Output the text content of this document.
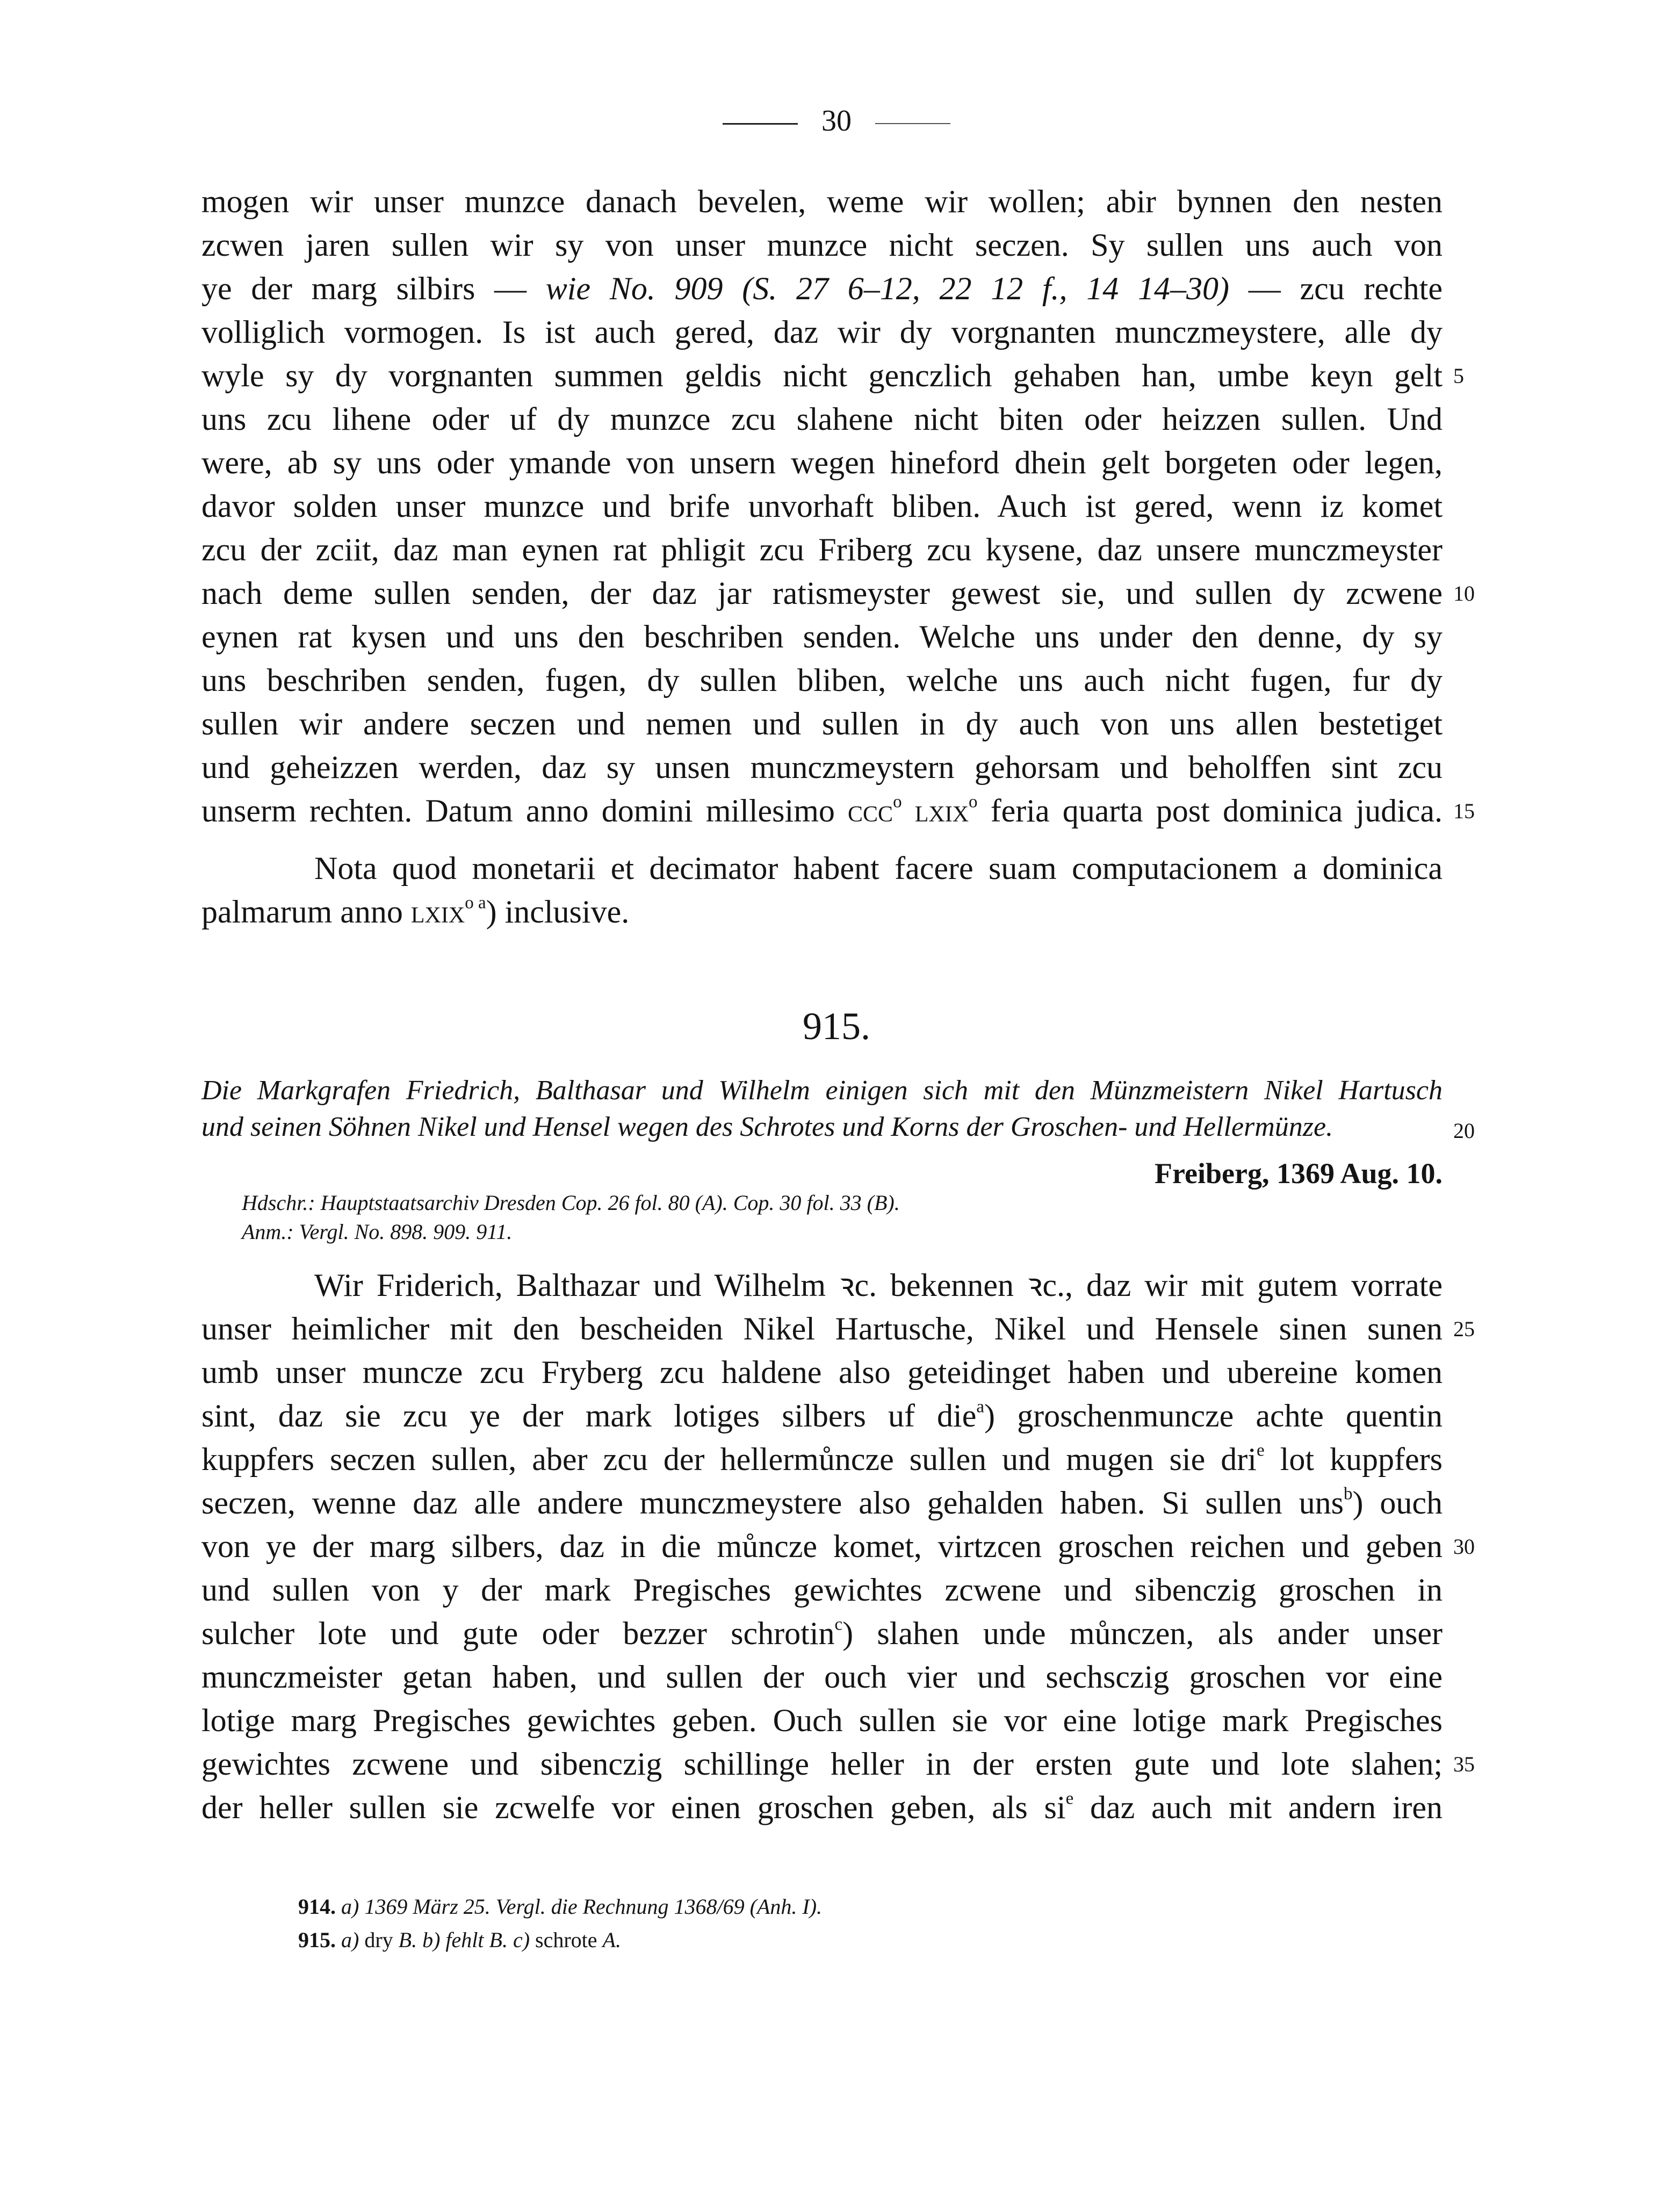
30
mogen wir unser munzce danach bevelen, weme wir wollen; abir bynnen den nesten
zcwen jaren sullen wir sy von unser munzce nicht seczen. Sy sullen uns auch von
ye der marg silbirs — wie No. 909 (S. 27 6–12, 22 12 f., 14 14–30) — zcu rechte
volliglich vormogen. Is ist auch gered, daz wir dy vorgnanten munczmeystere, alle dy
wyle sy dy vorgnanten summen geldis nicht genczlich gehaben han, umbe keyn gelt 5
uns zcu lihene oder uf dy munzce zcu slahene nicht biten oder heizzen sullen. Und
were, ab sy uns oder ymande von unsern wegen hineford dhein gelt borgeten oder legen,
davor solden unser munzce und brife unvorhaft bliben. Auch ist gered, wenn iz komet
zcu der zciit, daz man eynen rat phligit zcu Friberg zcu kysene, daz unsere munczmeyster
nach deme sullen senden, der daz jar ratismeyster gewest sie, und sullen dy zcwene 10
eynen rat kysen und uns den beschriben senden. Welche uns under den denne, dy sy
uns beschriben senden, fugen, dy sullen bliben, welche uns auch nicht fugen, fur dy
sullen wir andere seczen und nemen und sullen in dy auch von uns allen bestetiget
und geheizzen werden, daz sy unsen munczmeystern gehorsam und beholffen sint zcu
unserm rechten. Datum anno domini millesimo ccc$^o$ lxix$^o$ feria quarta post dominica judica. 15
Nota quod monetarii et decimator habent facere suam computacionem a dominica
palmarum anno lxix$^{o a}$) inclusive.
915.
Die Markgrafen Friedrich, Balthasar und Wilhelm einigen sich mit den Münzmeistern Nikel Hartusch
und seinen Söhnen Nikel und Hensel wegen des Schrotes und Korns der Groschen- und Hellermünze.	20
Freiberg, 1369 Aug. 10.
Hdschr.: Hauptstaatsarchiv Dresden Cop. 26 fol. 80 (A). Cop. 30 fol. 33 (B).
Anm.: Vergl. No. 898. 909. 911.
Wir Friderich, Balthazar und Wilhelm ꝛc. bekennen ꝛc., daz wir mit gutem vorrate
unser heimlicher mit den bescheiden Nikel Hartusche, Nikel und Hensele sinen sunen 25
umb unser muncze zcu Fryberg zcu haldene also geteidinget haben und ubereine komen
sint, daz sie zcu ye der mark lotiges silbers uf die$^a$) groschenmuncze achte quentin
kuppfers seczen sullen, aber zcu der hellermůncze sullen und mugen sie dri$^e$ lot kuppfers
seczen, wenne daz alle andere munczmeystere also gehalden haben. Si sullen uns$^b$) ouch
von ye der marg silbers, daz in die můncze komet, virtzcen groschen reichen und geben 30
und sullen von y der mark Pregisches gewichtes zcwene und sibenczig groschen in
sulcher lote und gute oder bezzer schrotin$^c$) slahen unde můnczen, als ander unser
munczmeister getan haben, und sullen der ouch vier und sechsczig groschen vor eine
lotige marg Pregisches gewichtes geben. Ouch sullen sie vor eine lotige mark Pregisches
gewichtes zcwene und sibenczig schillinge heller in der ersten gute und lote slahen; 35
der heller sullen sie zcwelfe vor einen groschen geben, als $si^e$ daz auch mit andern iren
914. a) 1369 März 25. Vergl. die Rechnung 1368/69 (Anh. I).
915. a) dry B. b) fehlt B. c) schrote A.
